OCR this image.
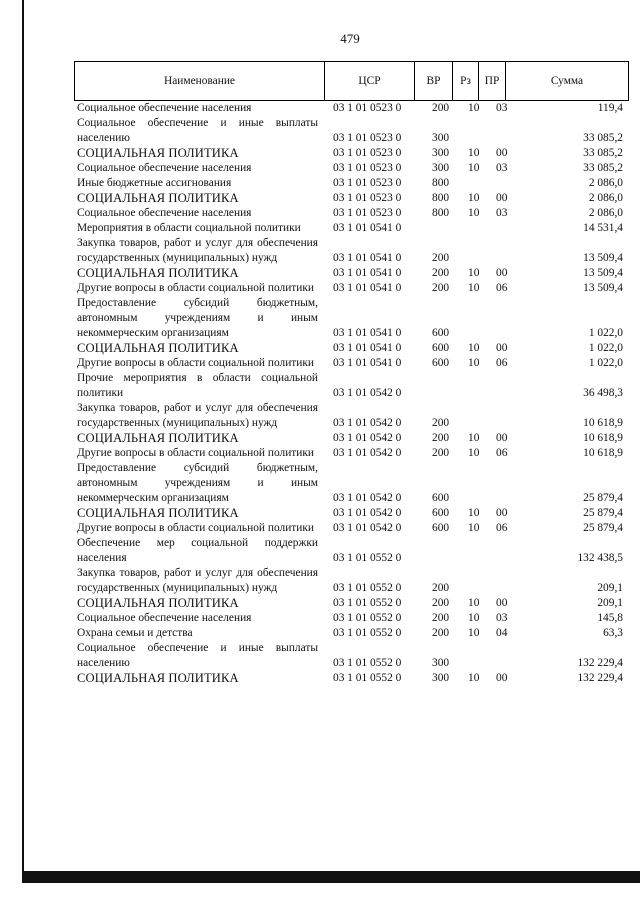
479
Наименование	ЦСР	ВР	Рз	ПР	Сумма
Социальное обеспечение населения	03 1 01 0523 0	200 10 03	119,4
Социальное обеспечение и иные выплаты населению	03 1 01 0523 0	300	33 085,2
СОЦИАЛЬНАЯ ПОЛИТИКА	03 1 01 0523 0	300 10 00	33 085,2
Социальное обеспечение населения	03 1 01 0523 0	300 10 03	33 085,2
Иные бюджетные ассигнования	03 1 01 0523 0	800	2 086,0
СОЦИАЛЬНАЯ ПОЛИТИКА	03 1 01 0523 0	800 10 00	2 086,0
Социальное обеспечение населения	03 1 01 0523 0	800 10 03	2 086,0
Мероприятия в области социальной политики	03 1 01 0541 0	14 531,4
Закупка товаров, работ и услуг для обеспечения государственных (муниципальных) нужд	03 1 01 0541 0	200	13 509,4
СОЦИАЛЬНАЯ ПОЛИТИКА	03 1 01 0541 0	200 10 00	13 509,4
Другие вопросы в области социальной политики	03 1 01 0541 0	200 10 06	13 509,4
Предоставление субсидий бюджетным, автономным учреждениям и иным некоммерческим организациям	03 1 01 0541 0	600	1 022,0
СОЦИАЛЬНАЯ ПОЛИТИКА	03 1 01 0541 0	600 10 00	1 022,0
Другие вопросы в области социальной политики	03 1 01 0541 0	600 10 06	1 022,0
Прочие мероприятия в области социальной политики	03 1 01 0542 0	36 498,3
Закупка товаров, работ и услуг для обеспечения государственных (муниципальных) нужд	03 1 01 0542 0	200	10 618,9
СОЦИАЛЬНАЯ ПОЛИТИКА	03 1 01 0542 0	200 10 00	10 618,9
Другие вопросы в области социальной политики	03 1 01 0542 0	200 10 06	10 618,9
Предоставление субсидий бюджетным, автономным учреждениям и иным некоммерческим организациям	03 1 01 0542 0	600	25 879,4
СОЦИАЛЬНАЯ ПОЛИТИКА	03 1 01 0542 0	600 10 00	25 879,4
Другие вопросы в области социальной политики	03 1 01 0542 0	600 10 06	25 879,4
Обеспечение мер социальной поддержки населения	03 1 01 0552 0	132 438,5
Закупка товаров, работ и услуг для обеспечения государственных (муниципальных) нужд	03 1 01 0552 0	200	209,1
СОЦИАЛЬНАЯ ПОЛИТИКА	03 1 01 0552 0	200 10 00	209,1
Социальное обеспечение населения	03 1 01 0552 0	200 10 03	145,8
Охрана семьи и детства	03 1 01 0552 0	200 10 04	63,3
Социальное обеспечение и иные выплаты населению	03 1 01 0552 0	300	132 229,4
СОЦИАЛЬНАЯ ПОЛИТИКА	03 1 01 0552 0	300 10 00	132 229,4
